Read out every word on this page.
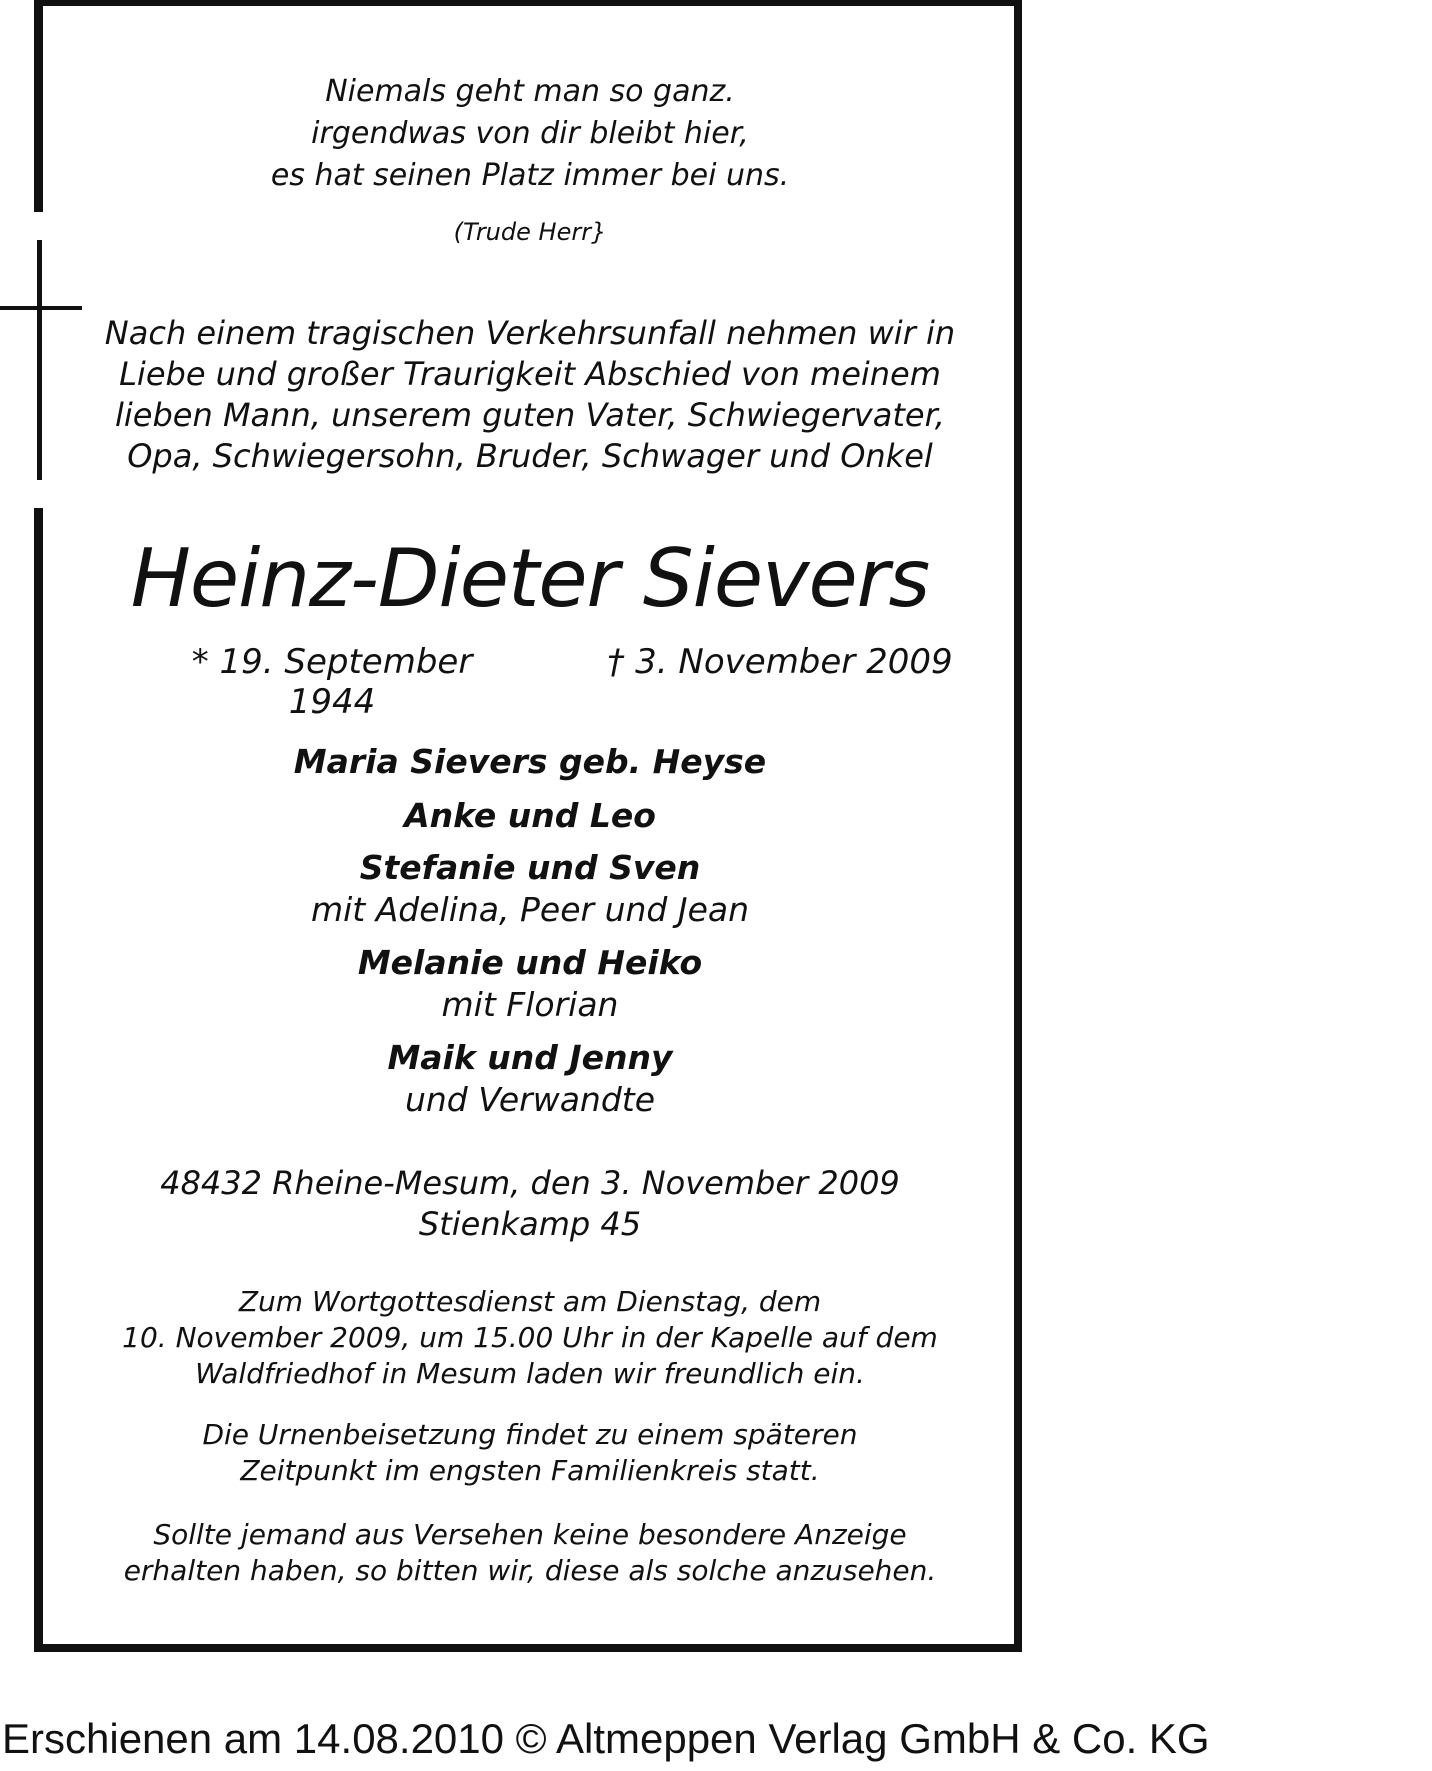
Niemals geht man so ganz.
irgendwas von dir bleibt hier,
es hat seinen Platz immer bei uns.
(Trude Herr}
Nach einem tragischen Verkehrsunfall nehmen wir in
Liebe und großer Traurigkeit Abschied von meinem
lieben Mann, unserem guten Vater, Schwiegervater,
Opa, Schwiegersohn, Bruder, Schwager und Onkel
Heinz-Dieter Sievers
* 19. September 1944
† 3. November 2009
Maria Sievers geb. Heyse
Anke und Leo
Stefanie und Sven
mit Adelina, Peer und Jean
Melanie und Heiko
mit Florian
Maik und Jenny
und Verwandte
48432 Rheine-Mesum, den 3. November 2009
Stienkamp 45
Zum Wortgottesdienst am Dienstag, dem
10. November 2009, um 15.00 Uhr in der Kapelle auf dem
Waldfriedhof in Mesum laden wir freundlich ein.
Die Urnenbeisetzung findet zu einem späteren
Zeitpunkt im engsten Familienkreis statt.
Sollte jemand aus Versehen keine besondere Anzeige
erhalten haben, so bitten wir, diese als solche anzusehen.
Erschienen am 14.08.2010 © Altmeppen Verlag GmbH & Co. KG
